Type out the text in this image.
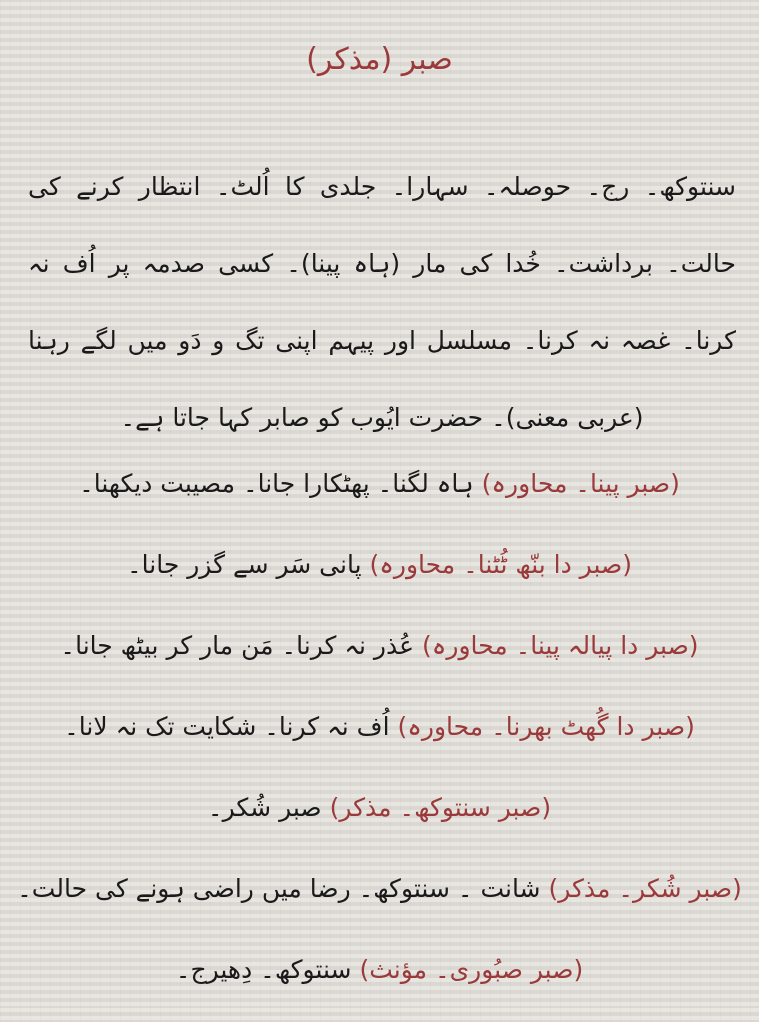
صبر (مذکر)
سنتوکھ۔ رج۔ حوصلہ۔ سہارا۔ جلدی کا اُلٹ۔ انتظار کرنے کی حالت۔ برداشت۔ خُدا کی مار (ہاہ پینا)۔ کسی صدمہ پر اُف نہ کرنا۔ غصہ نہ کرنا۔ مسلسل اور پیہم اپنی تگ و دَو میں لگے رہنا (عربی معنی)۔ حضرت ایُوب کو صابر کہا جاتا ہے۔
(صبر پینا۔ محاورہ) ہاہ لگنا۔ پھٹکارا جانا۔ مصیبت دیکھنا۔
(صبر دا بنّھ ٹُٹنا۔ محاورہ) پانی سَر سے گزر جانا۔
(صبر دا پیالہ پینا۔ محاورہ) عُذر نہ کرنا۔ مَن مار کر بیٹھ جانا۔
(صبر دا گُھٹ بھرنا۔ محاورہ) اُف نہ کرنا۔ شکایت تک نہ لانا۔
(صبر سنتوکھ۔ مذکر) صبر شُکر۔
(صبر شُکر۔ مذکر) شانت ۔ سنتوکھ۔ رضا میں راضی ہونے کی حالت۔
(صبر صبُوری۔ مؤنث) سنتوکھ۔ دِھیرج۔
